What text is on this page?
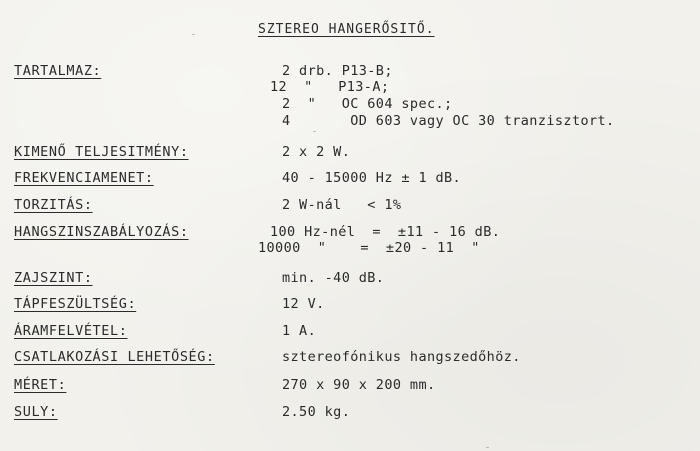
SZTEREO HANGERŐSITŐ.
TARTALMAZ:	2 drb. P13-B;
12  "   P13-A;
2  "   OC 604 spec.;
4       OD 603 vagy OC 30 tranzisztort.
KIMENŐ TELJESITMÉNY:	2 x 2 W.
FREKVENCIAMENET:	40 - 15000 Hz ± 1 dB.
TORZITÁS:	2 W-nál   < 1%
HANGSZINSZABÁLYOZÁS:	100 Hz-nél  =  ±11 - 16 dB.
10000  "    =  ±20 - 11  "
ZAJSZINT:	min. -40 dB.
TÁPFESZÜLTSÉG:	12 V.
ÁRAMFELVÉTEL:	1 A.
CSATLAKOZÁSI LEHETŐSÉG:	sztereofónikus hangszedőhöz.
MÉRET:	270 x 90 x 200 mm.
SULY:	2.50 kg.
